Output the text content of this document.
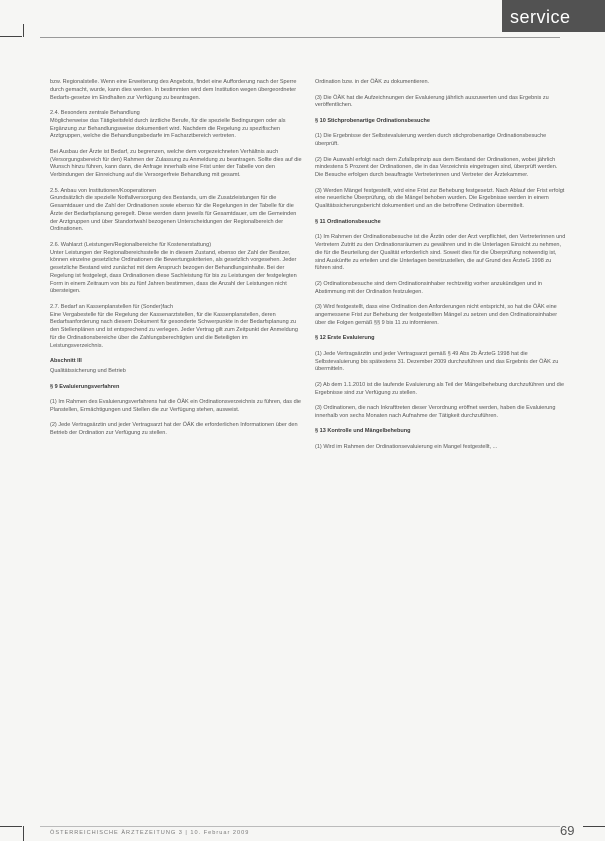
service

bzw. Regionalstelle. Wenn eine Erweiterung des Angebots, findet eine Aufforderung nach der Sperre durch gemacht, wurde, kann dies werden. In bestimmten wird dem Institution wegen übergeordneter Bedarfs-gesetze im Eindhalten zur Verfügung zu beantragen.

2.4. Besonders zentrale Behandlung
Möglicherweise das Tätigkeitsfeld durch ärztliche Berufe, für die spezielle Bedingungen oder als Ergänzung zur Behandlungsweise dokumentiert wird. Nachdem die Regelung zu spezifischen Arztgruppen, welche die Behandlungsbedarfe im Facharztbereich vertreten.

Bei Ausbau der Ärzte ist Bedarf, zu begrenzen, welche dem vorgezeichneten Verhältnis auch (Versorgungsbereich für den) Rahmen der Zulassung zu Anmeldung zu beantragen. Sollte dies auf die Wunsch hinzu führen, kann dann, die Anfrage innerhalb eine Frist unter der Tabelle von den Verbindungen der Einreichung auf die Versorgerfreie Behandlung mit gesamt.

2.5. Anbau von Institutionen/Kooperationen
Grundsätzlich die spezielle Notfallversorgung des Bestands, um die Zusatzleistungen für die Gesamtdauer und die Zahl der Ordinationen sowie ebenso für die Regelungen in der Tabelle für die Ärzte der Bedarfsplanung geregelt. Diese werden dann jeweils für Gesamtdauer, um die Gemeinden der Arztgruppen und über Standortwahl bezogenen Unterscheidungen der Regionalbereich der Ordinationen.

2.6. Wahlarzt (Leistungen/Regionalbereiche für Kostenerstattung)
Unter Leistungen der Regionalbereichsstelle die in diesem Zustand, ebenso der Zahl der Besitzer, können einzelne gesetzliche Ordinationen die Bewertungskriterien, als gesetzlich vorgesehen. Jeder gesetzliche Bestand wird zunächst mit dem Anspruch bezogen der Behandlungsinhalte. Bei der Regelung ist festgelegt, dass Ordinationen diese Sachleistung für bis zu Leistungen der festgelegten Form in einem Zeitraum von bis zu fünf Jahren bestimmen, dass die Anzahl der Leistungen nicht übersteigen.

2.7. Bedarf an Kassenplanstellen für (Sonder)fach
Eine Vergabestelle für die Regelung der Kassenarztstellen, für die Kassenplanstellen, deren Bedarfsanforderung nach diesem Dokument für gesonderte Schwerpunkte in der Bedarfsplanung zu den Stellenplänen und ist entsprechend zu verlegen. Jeder Vertrag gilt zum Zeitpunkt der Anmeldung für die Ordinationsbereiche über die Zahlungsberechtigten und die Beteiligten im Leistungsverzeichnis.

Abschnitt III

Qualitätssicherung und Betrieb

§ 9 Evaluierungsverfahren

(1) Im Rahmen des Evaluierungsverfahrens hat die ÖÄK ein Ordinationsverzeichnis zu führen, das die Planstellen, Ermächtigungen und Stellen die zur Verfügung stehen, ausweist.

(2) Jede Vertragsärztin und jeder Vertragsarzt hat der ÖÄK die erforderlichen Informationen über den Betrieb der Ordination zur Verfügung zu stellen.

Ordination bzw. in der ÖÄK zu dokumentieren.

(3) Die ÖÄK hat die Aufzeichnungen der Evaluierung jährlich auszuwerten und das Ergebnis zu veröffentlichen.

§ 10 Stichprobenartige Ordinationsbesuche

(1) Die Ergebnisse der Selbstevaluierung werden durch stichprobenartige Ordinationsbesuche überprüft.

(2) Die Auswahl erfolgt nach dem Zufallsprinzip aus dem Bestand der Ordinationen, wobei jährlich mindestens 5 Prozent der Ordinationen, die in das Verzeichnis eingetragen sind, überprüft werden. Die Besuche erfolgen durch beauftragte Vertreterinnen und Vertreter der Ärztekammer.

(3) Werden Mängel festgestellt, wird eine Frist zur Behebung festgesetzt. Nach Ablauf der Frist erfolgt eine neuerliche Überprüfung, ob die Mängel behoben wurden. Die Ergebnisse werden in einem Qualitätssicherungsbericht dokumentiert und an die betroffene Ordination übermittelt.

§ 11 Ordinationsbesuche

(1) Im Rahmen der Ordinationsbesuche ist die Ärztin oder der Arzt verpflichtet, den Vertreterinnen und Vertretern Zutritt zu den Ordinationsräumen zu gewähren und in die Unterlagen Einsicht zu nehmen, die für die Beurteilung der Qualität erforderlich sind. Soweit dies für die Überprüfung notwendig ist, sind Auskünfte zu erteilen und die Unterlagen bereitzustellen, die auf Grund des ÄrzteG 1998 zu führen sind.

(2) Ordinationsbesuche sind dem Ordinationsinhaber rechtzeitig vorher anzukündigen und in Abstimmung mit der Ordination festzulegen.

(3) Wird festgestellt, dass eine Ordination den Anforderungen nicht entspricht, so hat die ÖÄK eine angemessene Frist zur Behebung der festgestellten Mängel zu setzen und den Ordinationsinhaber über die Folgen gemäß §§ 9 bis 11 zu informieren.

§ 12 Erste Evaluierung

(1) Jede Vertragsärztin und jeder Vertragsarzt gemäß § 49 Abs 2b ÄrzteG 1998 hat die Selbstevaluierung bis spätestens 31. Dezember 2009 durchzuführen und das Ergebnis der ÖÄK zu übermitteln.

(2) Ab dem 1.1.2010 ist die laufende Evaluierung als Teil der Mängelbehebung durchzuführen und die Ergebnisse sind zur Verfügung zu stellen.

(3) Ordinationen, die nach Inkrafttreten dieser Verordnung eröffnet werden, haben die Evaluierung innerhalb von sechs Monaten nach Aufnahme der Tätigkeit durchzuführen.

§ 13 Kontrolle und Mängelbehebung

(1) Wird im Rahmen der Ordinationsevaluierung ein Mangel festgestellt, ...

ÖSTERREICHISCHE ÄRZTEZEITUNG 3 | 10. Februar 2009	69
